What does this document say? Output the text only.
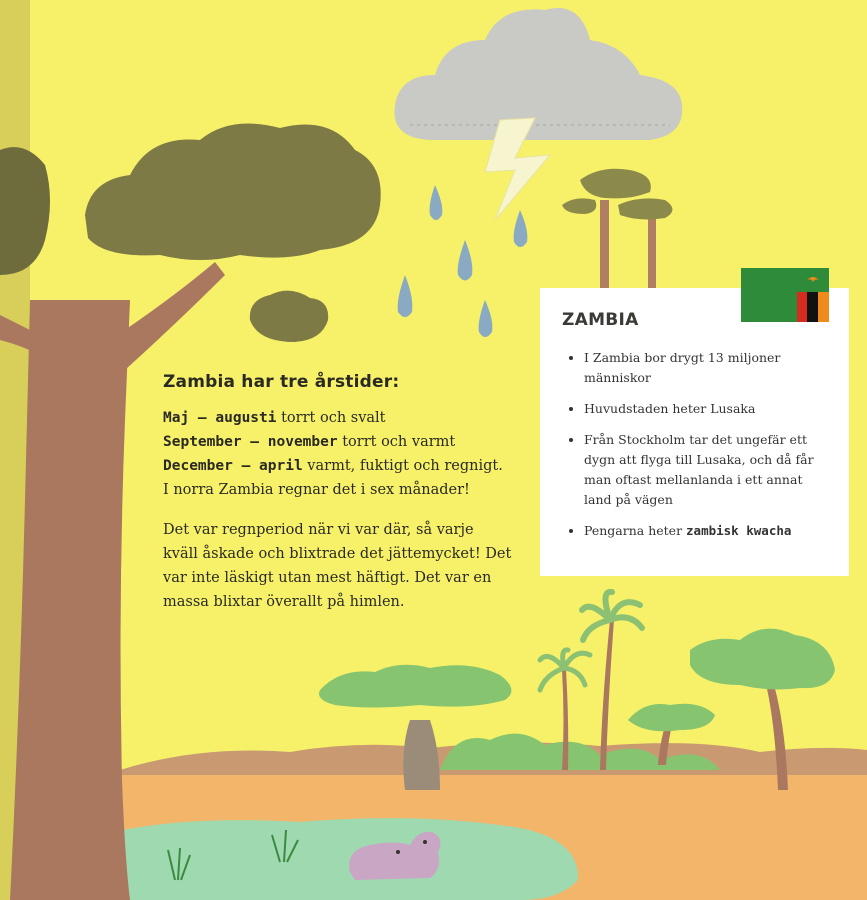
Zambia har tre årstider:

Maj – augusti torrt och svalt
September – november torrt och varmt
December – april varmt, fuktigt och regnigt. I norra Zambia regnar det i sex månader!

Det var regnperiod när vi var där, så varje kväll åskade och blixtrade det jättemycket! Det var inte läskigt utan mest häftigt. Det var en massa blixtar överallt på himlen.

ZAMBIA
• I Zambia bor drygt 13 miljoner människor
• Huvudstaden heter Lusaka
• Från Stockholm tar det ungefär ett dygn att flyga till Lusaka, och då får man oftast mellanlanda i ett annat land på vägen
• Pengarna heter zambisk kwacha
